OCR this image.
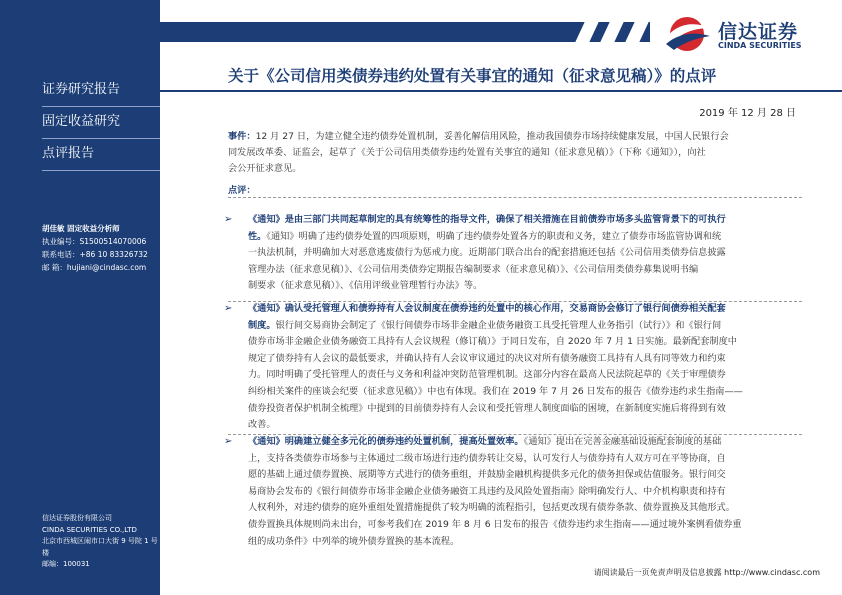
证券研究报告
固定收益研究
点评报告
胡佳敏 固定收益分析师
执业编号：S1500514070006
联系电话：+86 10 83326732
邮 箱：hujiani@cindasc.com
信达证券股份有限公司
CINDA SECURITIES CO.,LTD
北京市西城区闹市口大街 9 号院 1 号楼
邮编：100031
信达证券
CINDA SECURITIES
关于《公司信用类债券违约处置有关事宜的通知（征求意见稿）》的点评
2019 年 12 月 28 日
事件：12 月 27 日，为建立健全违约债券处置机制，妥善化解信用风险，推动我国债券市场持续健康发展，中国人民银行会
同发展改革委、证监会，起草了《关于公司信用类债券违约处置有关事宜的通知（征求意见稿）》（下称《通知》），向社
会公开征求意见。
点评：
➢ 《通知》是由三部门共同起草制定的具有统筹性的指导文件，确保了相关措施在目前债券市场多头监管背景下的可执行
性。《通知》明确了违约债券处置的四项原则，明确了违约债券处置各方的职责和义务，建立了债券市场监管协调和统
一执法机制，并明确加大对恶意逃废债行为惩戒力度。近期部门联合出台的配套措施还包括《公司信用类债券信息披露
管理办法（征求意见稿）》、《公司信用类债券定期报告编制要求（征求意见稿）》、《公司信用类债券募集说明书编
制要求（征求意见稿）》、《信用评级业管理暂行办法》等。

➢ 《通知》确认受托管理人和债券持有人会议制度在债券违约处置中的核心作用，交易商协会修订了银行间债券相关配套
制度。银行间交易商协会制定了《银行间债券市场非金融企业债务融资工具受托管理人业务指引（试行）》和《银行间
债券市场非金融企业债务融资工具持有人会议规程（修订稿）》于同日发布，自 2020 年 7 月 1 日实施。最新配套制度中
规定了债券持有人会议的最低要求，并确认持有人会议审议通过的决议对所有债务融资工具持有人具有同等效力和约束
力。同时明确了受托管理人的责任与义务和利益冲突防范管理机制。这部分内容在最高人民法院起草的《关于审理债券
纠纷相关案件的座谈会纪要（征求意见稿）》中也有体现。我们在 2019 年 7 月 26 日发布的报告《债券违约求生指南——
债券投资者保护机制全梳理》中提到的目前债券持有人会议和受托管理人制度面临的困境，在新制度实施后将得到有效
改善。
➢ 《通知》明确建立健全多元化的债券违约处置机制，提高处置效率。《通知》提出在完善金融基础设施配套制度的基础
上，支持各类债券市场参与主体通过二级市场进行违约债券转让交易，认可发行人与债券持有人双方可在平等协商，自
愿的基础上通过债券置换、展期等方式进行的债务重组，并鼓励金融机构提供多元化的债务担保或估值服务。银行间交
易商协会发布的《银行间债券市场非金融企业债务融资工具违约及风险处置指南》除明确发行人、中介机构职责和持有
人权利外，对违约债券的庭外重组处置措施提供了较为明确的流程指引，包括更改现有债券条款、债券置换及其他形式。
债券置换具体规则尚未出台，可参考我们在 2019 年 8 月 6 日发布的报告《债券违约求生指南——通过境外案例看债券重
组的成功条件》中列举的境外债券置换的基本流程。
请阅读最后一页免责声明及信息披露 http://www.cindasc.com
